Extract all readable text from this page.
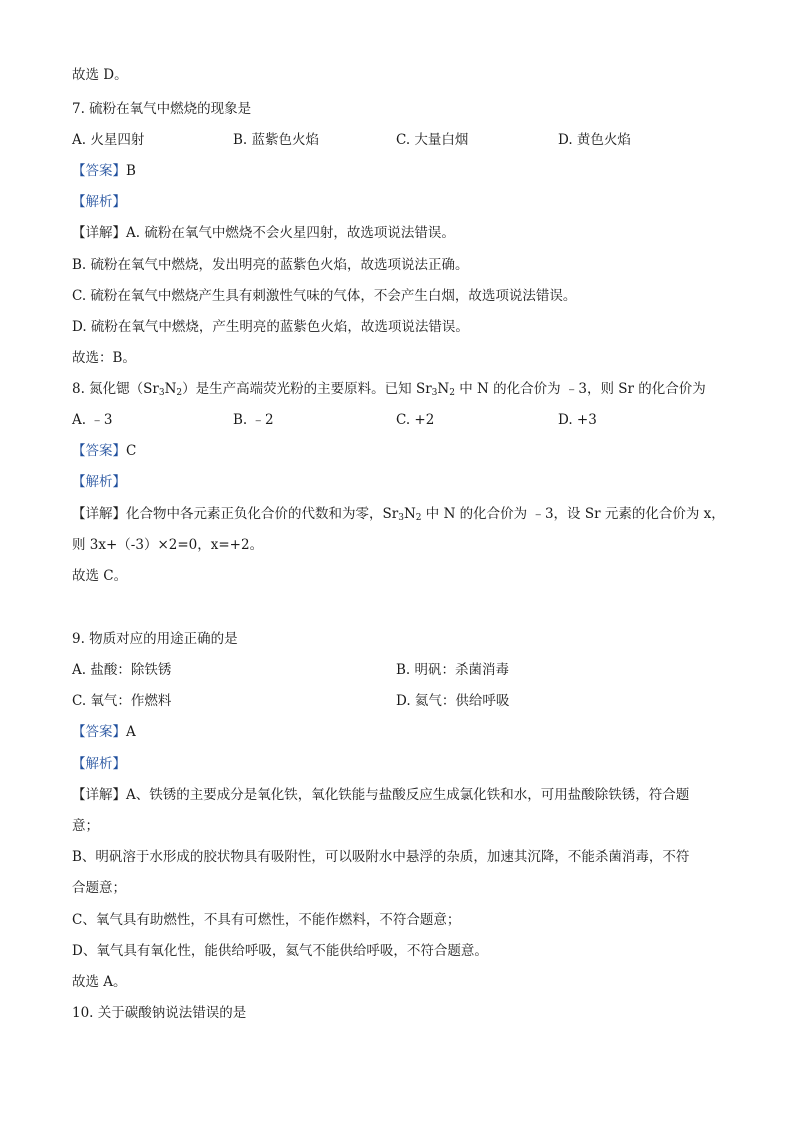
故选 D。
7. 硫粉在氧气中燃烧的现象是
A. 火星四射	B. 蓝紫色火焰	C. 大量白烟	D. 黄色火焰
【答案】B
【解析】
【详解】A. 硫粉在氧气中燃烧不会火星四射，故选项说法错误。
B. 硫粉在氧气中燃烧，发出明亮的蓝紫色火焰，故选项说法正确。
C. 硫粉在氧气中燃烧产生具有刺激性气味的气体，不会产生白烟，故选项说法错误。
D. 硫粉在氧气中燃烧，产生明亮的蓝紫色火焰，故选项说法错误。
故选：B。
8. 氮化锶$(Sr_3N_2)$是生产高端荧光粉的主要原料。已知 $Sr_3N_2$ 中 N 的化合价为 ﹣3，则 Sr 的化合价为
A. ﹣3	B. ﹣2	C. +2	D. +3
【答案】C
【解析】
【详解】化合物中各元素正负化合价的代数和为零，$Sr_3N_2$ 中 N 的化合价为 ﹣3，设 Sr 元素的化合价为 x，
则 3x+（-3）×2=0，x=+2。
故选 C。
9. 物质对应的用途正确的是
A. 盐酸：除铁锈	B. 明矾：杀菌消毒
C. 氧气：作燃料	D. 氦气：供给呼吸
【答案】A
【解析】
【详解】A、铁锈的主要成分是氧化铁，氧化铁能与盐酸反应生成氯化铁和水，可用盐酸除铁锈，符合题
意；
B、明矾溶于水形成的胶状物具有吸附性，可以吸附水中悬浮的杂质，加速其沉降，不能杀菌消毒，不符
合题意；
C、氧气具有助燃性，不具有可燃性，不能作燃料，不符合题意；
D、氧气具有氧化性，能供给呼吸，氦气不能供给呼吸，不符合题意。
故选 A。
10. 关于碳酸钠说法错误的是
